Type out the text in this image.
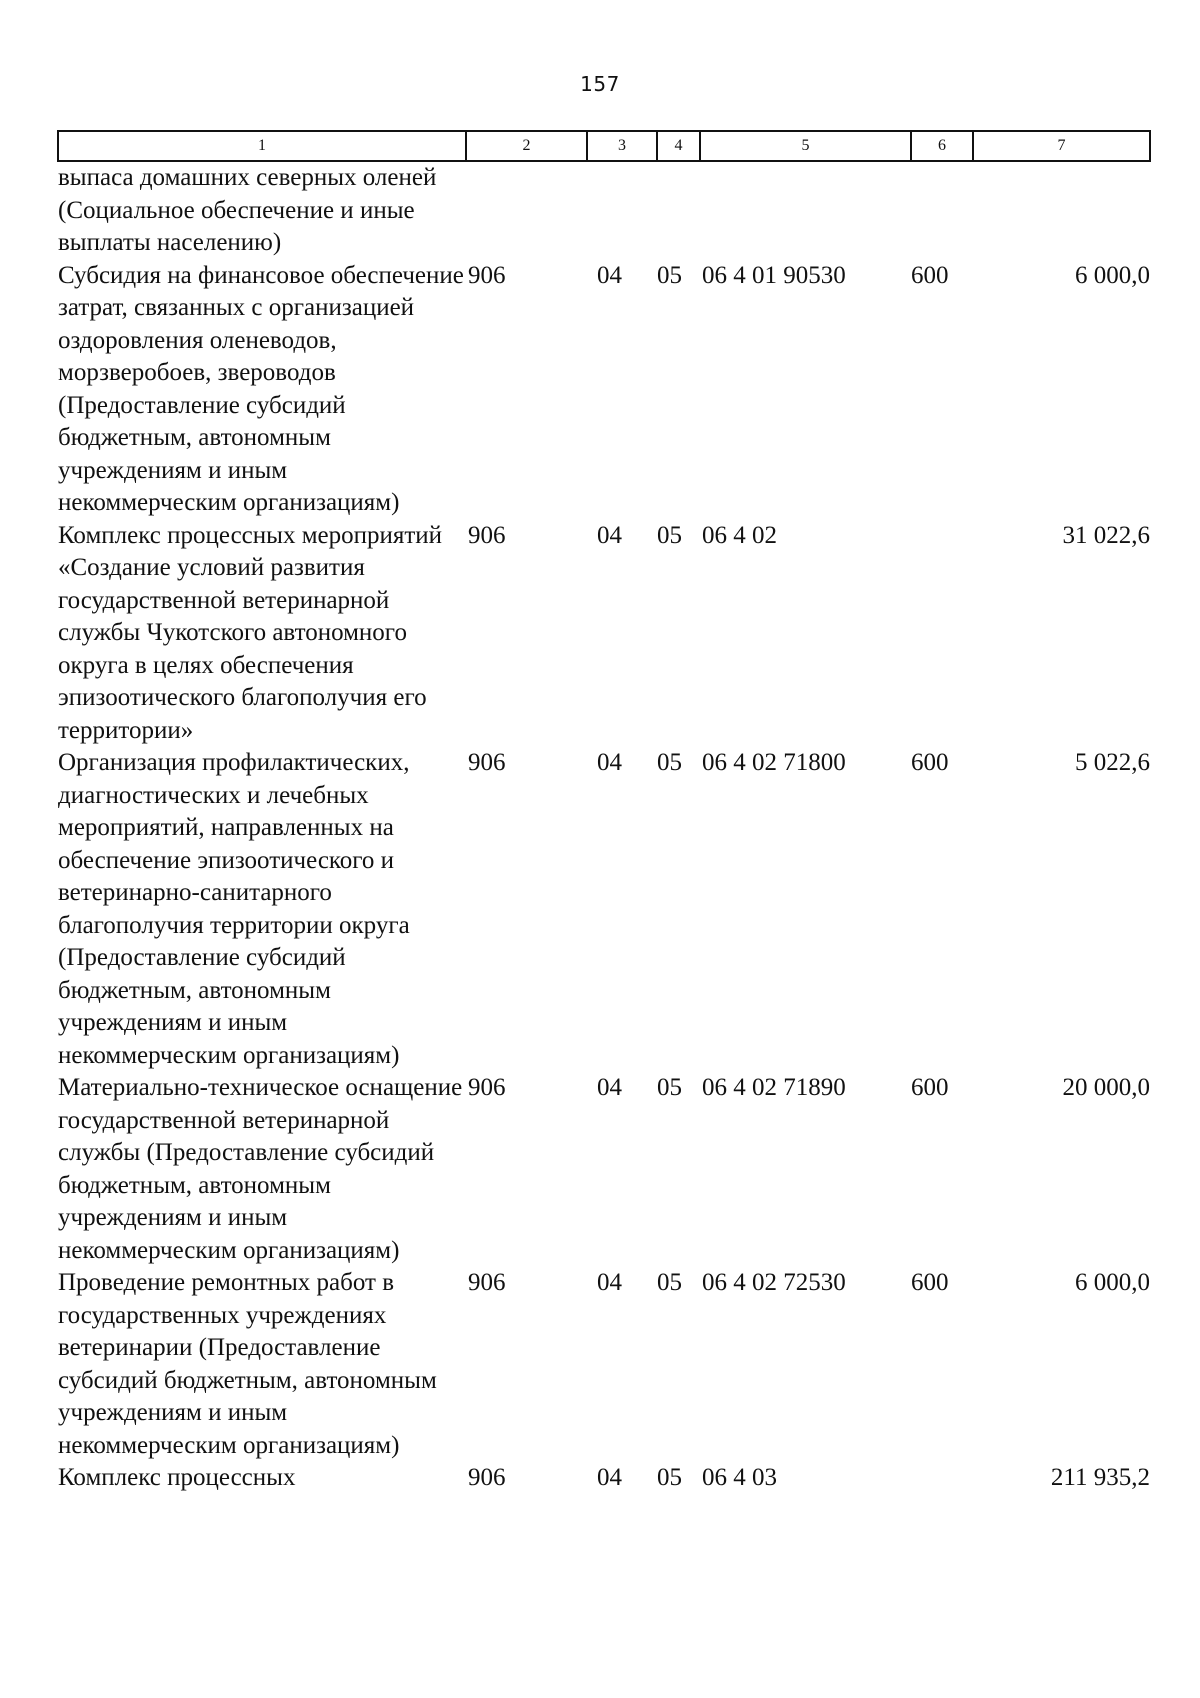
157
1	2	3	4	5	6	7
выпаса домашних северных оленей (Социальное обеспечение и иные выплаты населению)						
Субсидия на финансовое обеспечение затрат, связанных с организацией оздоровления оленеводов, морзверобоев, звероводов (Предоставление субсидий бюджетным, автономным учреждениям и иным некоммерческим организациям)	906	04	05	06 4 01 90530	600	6 000,0
Комплекс процессных мероприятий «Создание условий развития государственной ветеринарной службы Чукотского автономного округа в целях обеспечения эпизоотического благополучия его территории»	906	04	05	06 4 02		31 022,6
Организация профилактических, диагностических и лечебных мероприятий, направленных на обеспечение эпизоотического и ветеринарно-санитарного благополучия территории округа (Предоставление субсидий бюджетным, автономным учреждениям и иным некоммерческим организациям)	906	04	05	06 4 02 71800	600	5 022,6
Материально-техническое оснащение государственной ветеринарной службы (Предоставление субсидий бюджетным, автономным учреждениям и иным некоммерческим организациям)	906	04	05	06 4 02 71890	600	20 000,0
Проведение ремонтных работ в государственных учреждениях ветеринарии (Предоставление субсидий бюджетным, автономным учреждениям и иным некоммерческим организациям)	906	04	05	06 4 02 72530	600	6 000,0
Комплекс процессных	906	04	05	06 4 03		211 935,2
